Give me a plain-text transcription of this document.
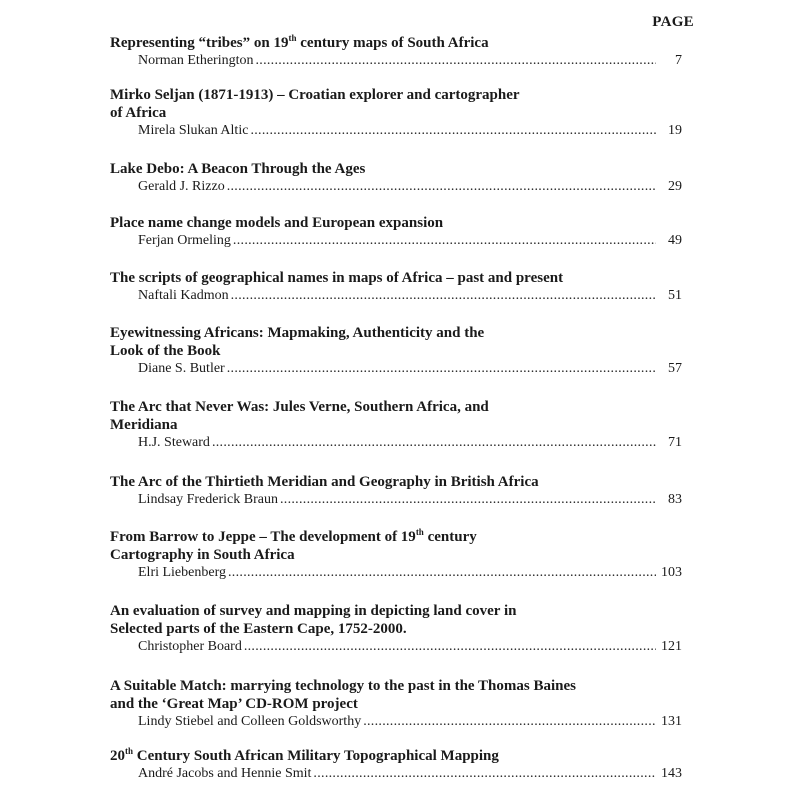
PAGE
Representing “tribes” on 19th century maps of South Africa
Norman Etherington . . .	7
Mirko Seljan (1871-1913) – Croatian explorer and cartographer
of Africa
Mirela Slukan Altic . . .	19
Lake Debo: A Beacon Through the Ages
Gerald J. Rizzo . . .	29
Place name change models and European expansion
Ferjan Ormeling . . .	49
The scripts of geographical names in maps of Africa – past and present
Naftali Kadmon . . .	51
Eyewitnessing Africans: Mapmaking, Authenticity and the
Look of the Book
Diane S. Butler . . .	57
The Arc that Never Was: Jules Verne, Southern Africa, and
Meridiana
H.J. Steward . . .	71
The Arc of the Thirtieth Meridian and Geography in British Africa
Lindsay Frederick Braun . . .	83
From Barrow to Jeppe – The development of 19th century
Cartography in South Africa
Elri Liebenberg . . .	103
An evaluation of survey and mapping in depicting land cover in
Selected parts of the Eastern Cape, 1752-2000.
Christopher Board . . .	121
A Suitable Match: marrying technology to the past in the Thomas Baines
and the ‘Great Map’ CD-ROM project
Lindy Stiebel and Colleen Goldsworthy . . .	131
20th Century South African Military Topographical Mapping
André Jacobs and Hennie Smit . . .	143
